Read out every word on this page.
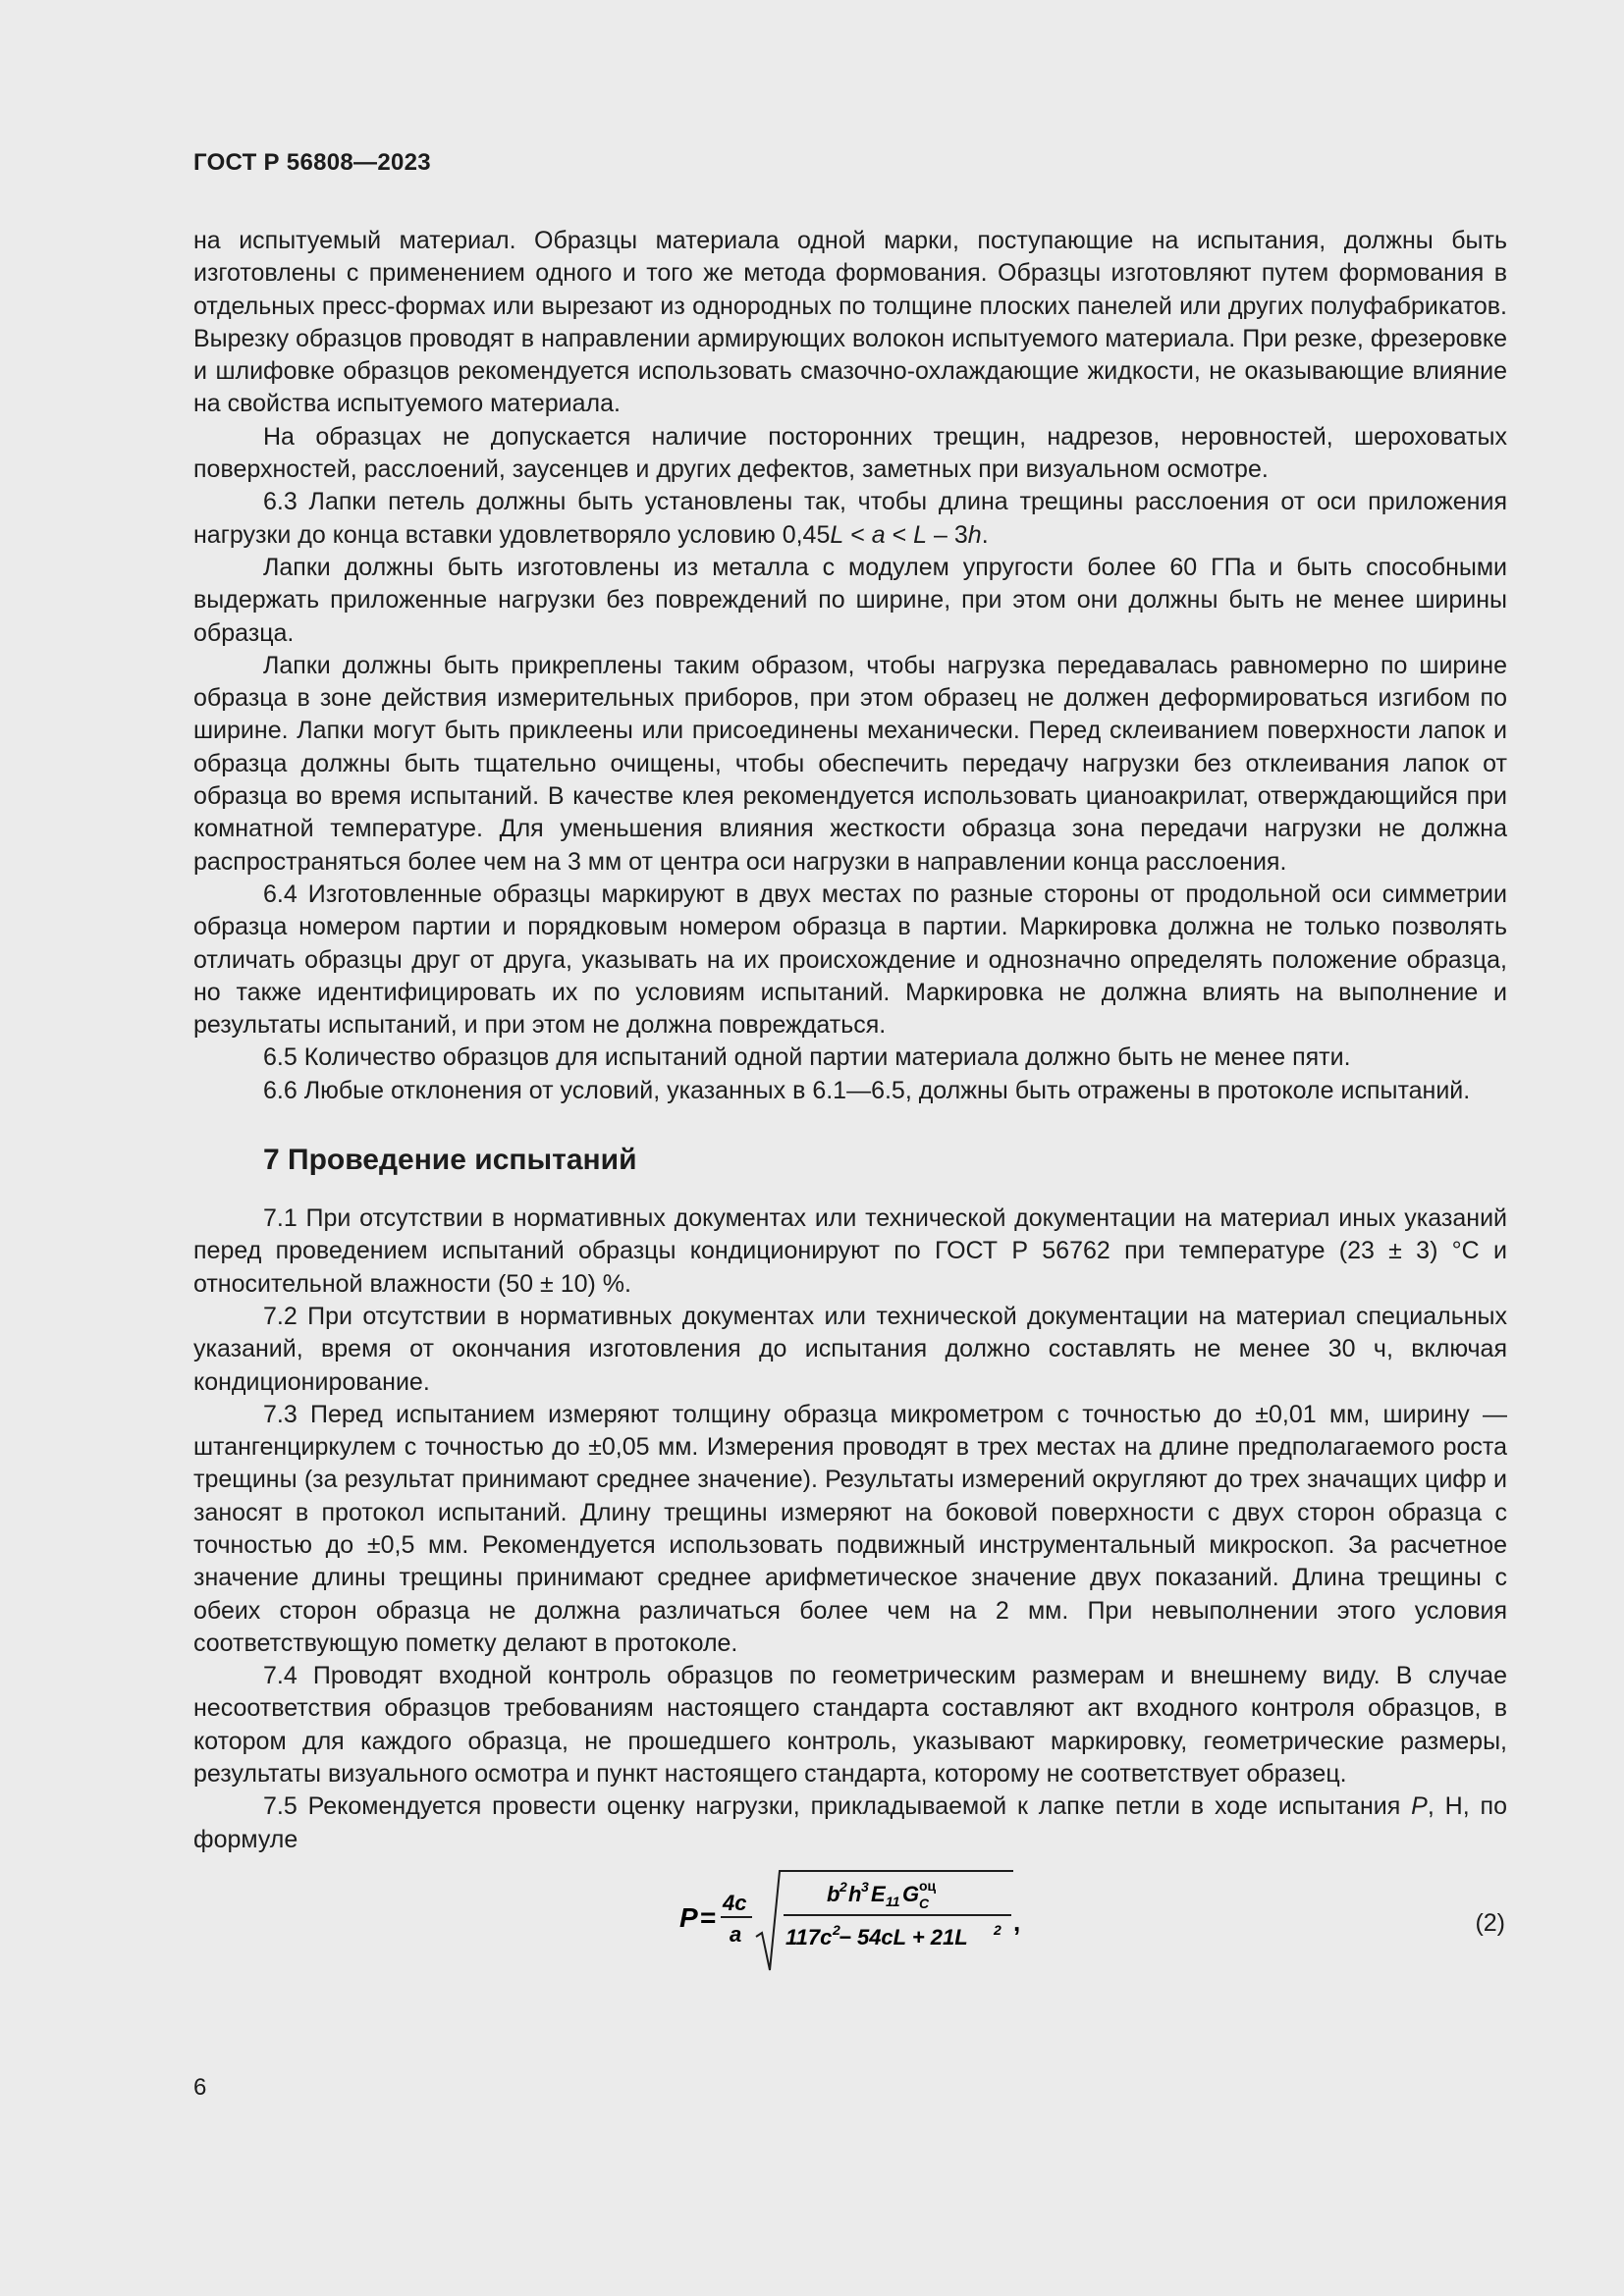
ГОСТ Р 56808—2023

на испытуемый материал. Образцы материала одной марки, поступающие на испытания, должны быть изготовлены с применением одного и того же метода формования. Образцы изготовляют путем формования в отдельных пресс-формах или вырезают из однородных по толщине плоских панелей или других полуфабрикатов. Вырезку образцов проводят в направлении армирующих волокон испытуемого материала. При резке, фрезеровке и шлифовке образцов рекомендуется использовать смазочно-охлаждающие жидкости, не оказывающие влияние на свойства испытуемого материала.

На образцах не допускается наличие посторонних трещин, надрезов, неровностей, шероховатых поверхностей, расслоений, заусенцев и других дефектов, заметных при визуальном осмотре.

6.3 Лапки петель должны быть установлены так, чтобы длина трещины расслоения от оси приложения нагрузки до конца вставки удовлетворяло условию 0,45L < a < L – 3h.

Лапки должны быть изготовлены из металла с модулем упругости более 60 ГПа и быть способными выдержать приложенные нагрузки без повреждений по ширине, при этом они должны быть не менее ширины образца.

Лапки должны быть прикреплены таким образом, чтобы нагрузка передавалась равномерно по ширине образца в зоне действия измерительных приборов, при этом образец не должен деформироваться изгибом по ширине. Лапки могут быть приклеены или присоединены механически. Перед склеиванием поверхности лапок и образца должны быть тщательно очищены, чтобы обеспечить передачу нагрузки без отклеивания лапок от образца во время испытаний. В качестве клея рекомендуется использовать цианоакрилат, отверждающийся при комнатной температуре. Для уменьшения влияния жесткости образца зона передачи нагрузки не должна распространяться более чем на 3 мм от центра оси нагрузки в направлении конца расслоения.

6.4 Изготовленные образцы маркируют в двух местах по разные стороны от продольной оси симметрии образца номером партии и порядковым номером образца в партии. Маркировка должна не только позволять отличать образцы друг от друга, указывать на их происхождение и однозначно определять положение образца, но также идентифицировать их по условиям испытаний. Маркировка не должна влиять на выполнение и результаты испытаний, и при этом не должна повреждаться.

6.5 Количество образцов для испытаний одной партии материала должно быть не менее пяти.

6.6 Любые отклонения от условий, указанных в 6.1—6.5, должны быть отражены в протоколе испытаний.

7 Проведение испытаний

7.1 При отсутствии в нормативных документах или технической документации на материал иных указаний перед проведением испытаний образцы кондиционируют по ГОСТ Р 56762 при температуре (23 ± 3) °С и относительной влажности (50 ± 10) %.

7.2 При отсутствии в нормативных документах или технической документации на материал специальных указаний, время от окончания изготовления до испытания должно составлять не менее 30 ч, включая кондиционирование.

7.3 Перед испытанием измеряют толщину образца микрометром с точностью до ±0,01 мм, ширину — штангенциркулем с точностью до ±0,05 мм. Измерения проводят в трех местах на длине предполагаемого роста трещины (за результат принимают среднее значение). Результаты измерений округляют до трех значащих цифр и заносят в протокол испытаний. Длину трещины измеряют на боковой поверхности с двух сторон образца с точностью до ±0,5 мм. Рекомендуется использовать подвижный инструментальный микроскоп. За расчетное значение длины трещины принимают среднее арифметическое значение двух показаний. Длина трещины с обеих сторон образца не должна различаться более чем на 2 мм. При невыполнении этого условия соответствующую пометку делают в протоколе.

7.4 Проводят входной контроль образцов по геометрическим размерам и внешнему виду. В случае несоответствия образцов требованиям настоящего стандарта составляют акт входного контроля образцов, в котором для каждого образца, не прошедшего контроль, указывают маркировку, геометрические размеры, результаты визуального осмотра и пункт настоящего стандарта, которому не соответствует образец.

7.5 Рекомендуется провести оценку нагрузки, прикладываемой к лапке петли в ходе испытания P, Н, по формуле

P = 4c
a
b 2 h 3 E 11 G оц
C
117c 2
− 54cL + 21L 2 ,	(2)
6
